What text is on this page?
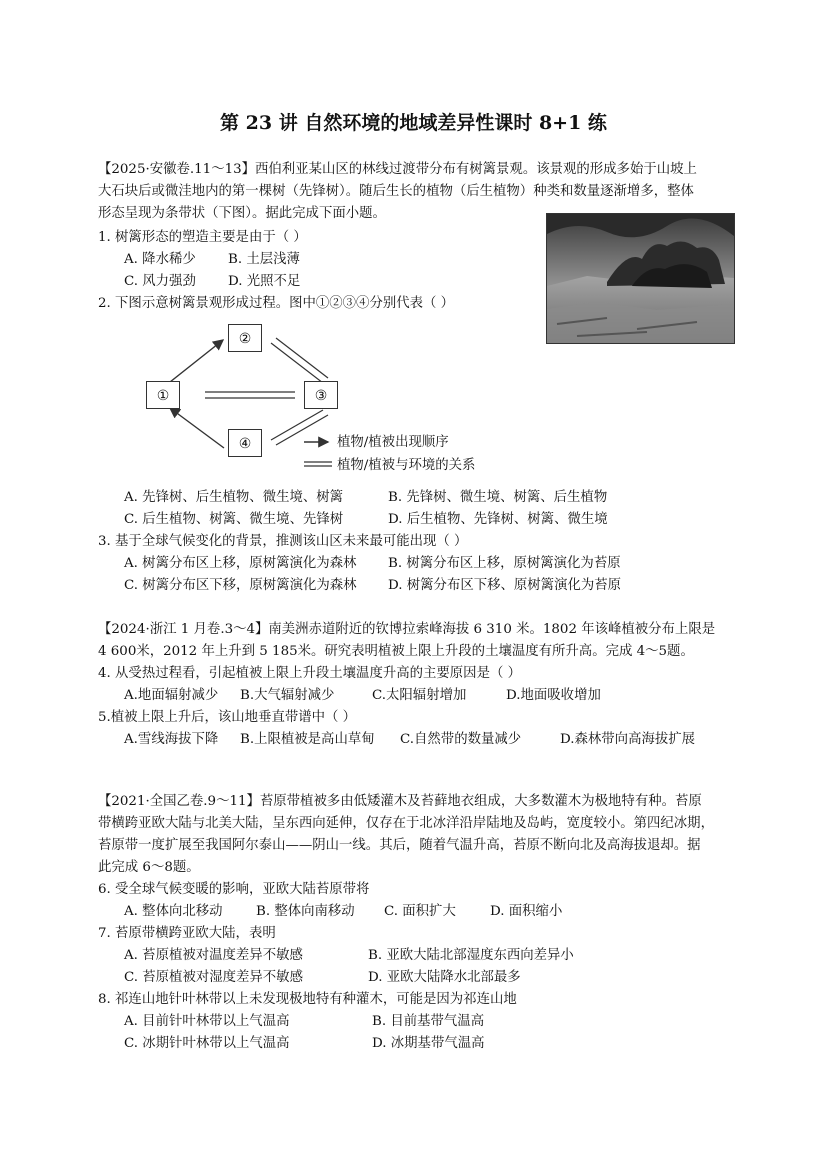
第 23 讲 自然环境的地域差异性课时 8+1 练
【2025·安徽卷.11～13】西伯利亚某山区的林线过渡带分布有树篱景观。该景观的形成多始于山坡上
大石块后或微洼地内的第一棵树（先锋树）。随后生长的植物（后生植物）种类和数量逐渐增多，整体
形态呈现为条带状（下图）。据此完成下面小题。
1. 树篱形态的塑造主要是由于（ ）
A. 降水稀少 B. 土层浅薄
C. 风力强劲 D. 光照不足
2. 下图示意树篱景观形成过程。图中①②③④分别代表（ ）
②
①	③
④	植物/植被出现顺序
植物/植被与环境的关系
A. 先锋树、后生植物、微生境、树篱	B. 先锋树、微生境、树篱、后生植物
C. 后生植物、树篱、微生境、先锋树	D. 后生植物、先锋树、树篱、微生境
3. 基于全球气候变化的背景，推测该山区未来最可能出现（ ）
A. 树篱分布区上移，原树篱演化为森林 B. 树篱分布区上移，原树篱演化为苔原
C. 树篱分布区下移，原树篱演化为森林 D. 树篱分布区下移、原树篱演化为苔原
【2024·浙江 1 月卷.3～4】南美洲赤道附近的钦博拉索峰海拔 6 310 米。1802 年该峰植被分布上限是
4 600米，2012 年上升到 5 185米。研究表明植被上限上升段的土壤温度有所升高。完成 4～5题。
4. 从受热过程看，引起植被上限上升段土壤温度升高的主要原因是（ ）
A.地面辐射减少 B.大气辐射减少	C.太阳辐射增加	D.地面吸收增加
5.植被上限上升后，该山地垂直带谱中（ ）
A.雪线海拔下降 B.上限植被是高山草甸 C.自然带的数量减少	D.森林带向高海拔扩展
【2021·全国乙卷.9～11】苔原带植被多由低矮灌木及苔藓地衣组成，大多数灌木为极地特有种。苔原
带横跨亚欧大陆与北美大陆，呈东西向延伸，仅存在于北冰洋沿岸陆地及岛屿，宽度较小。第四纪冰期，
苔原带一度扩展至我国阿尔泰山——阴山一线。其后，随着气温升高，苔原不断向北及高海拔退却。据
此完成 6～8题。
6. 受全球气候变暖的影响，亚欧大陆苔原带将
A. 整体向北移动 B. 整体向南移动 C. 面积扩大	D. 面积缩小
7. 苔原带横跨亚欧大陆，表明
A. 苔原植被对温度差异不敏感	B. 亚欧大陆北部湿度东西向差异小
C. 苔原植被对湿度差异不敏感	D. 亚欧大陆降水北部最多
8. 祁连山地针叶林带以上未发现极地特有种灌木，可能是因为祁连山地
A. 目前针叶林带以上气温高	B. 目前基带气温高
C. 冰期针叶林带以上气温高	D. 冰期基带气温高
